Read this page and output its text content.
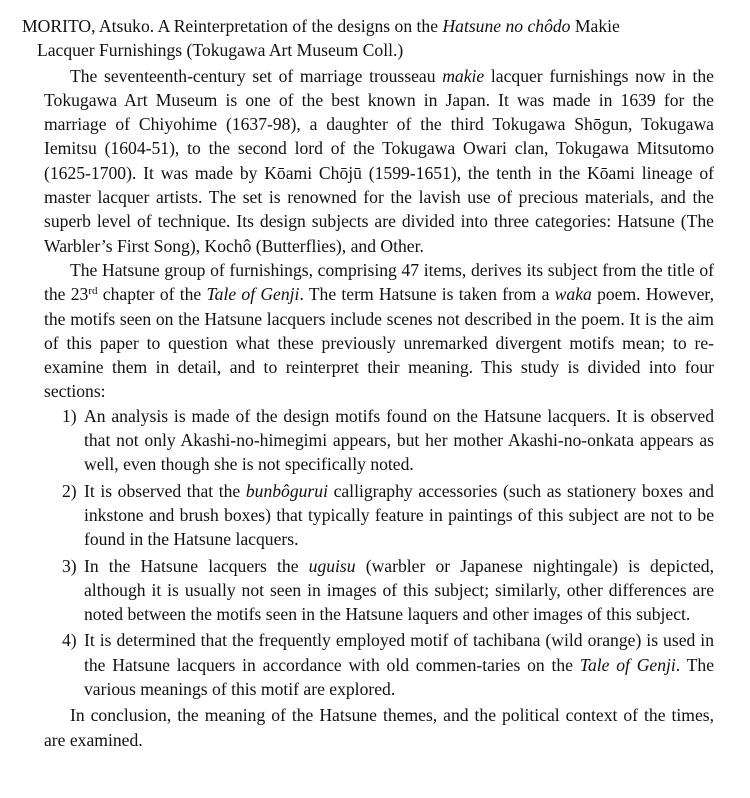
MORITO, Atsuko. A Reinterpretation of the designs on the Hatsune no chôdo Makie
Lacquer Furnishings (Tokugawa Art Museum Coll.)

The seventeenth-century set of marriage trousseau makie lacquer furnishings now in the Tokugawa Art Museum is one of the best known in Japan. It was made in 1639 for the marriage of Chiyohime (1637-98), a daughter of the third Tokugawa Shōgun, Tokugawa Iemitsu (1604-51), to the second lord of the Tokugawa Owari clan, Tokugawa Mitsutomo (1625-1700). It was made by Kōami Chōjū (1599-1651), the tenth in the Kōami lineage of master lacquer artists. The set is renowned for the lavish use of precious materials, and the superb level of technique. Its design subjects are divided into three categories: Hatsune (The Warbler’s First Song), Kochô (Butterflies), and Other.

The Hatsune group of furnishings, comprising 47 items, derives its subject from the title of the 23rd chapter of the Tale of Genji. The term Hatsune is taken from a waka poem. However, the motifs seen on the Hatsune lacquers include scenes not described in the poem. It is the aim of this paper to question what these previously unremarked divergent motifs mean; to re-examine them in detail, and to reinterpret their meaning. This study is divided into four sections:

1) An analysis is made of the design motifs found on the Hatsune lacquers. It is observed that not only Akashi-no-himegimi appears, but her mother Akashi-no-onkata appears as well, even though she is not specifically noted.
2) It is observed that the bunbôgurui calligraphy accessories (such as stationery boxes and inkstone and brush boxes) that typically feature in paintings of this subject are not to be found in the Hatsune lacquers.
3) In the Hatsune lacquers the uguisu (warbler or Japanese nightingale) is depicted, although it is usually not seen in images of this subject; similarly, other differences are noted between the motifs seen in the Hatsune laquers and other images of this subject.
4) It is determined that the frequently employed motif of tachibana (wild orange) is used in the Hatsune lacquers in accordance with old commen-taries on the Tale of Genji. The various meanings of this motif are explored.

In conclusion, the meaning of the Hatsune themes, and the political context of the times, are examined.
